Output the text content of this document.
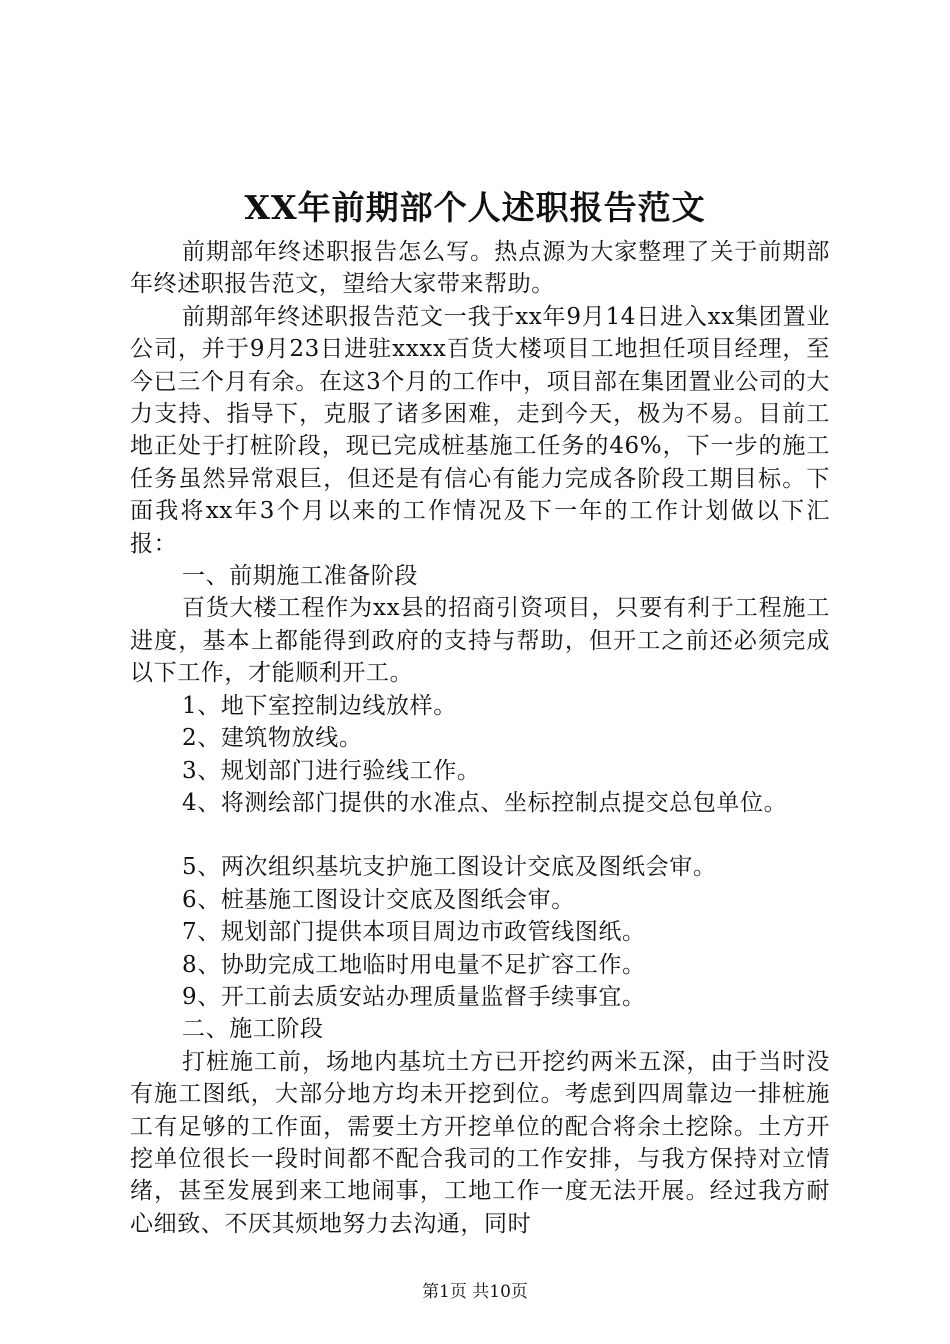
XX年前期部个人述职报告范文

前期部年终述职报告怎么写。热点源为大家整理了关于前期部年终述职报告范文，望给大家带来帮助。

前期部年终述职报告范文一我于xx年9月14日进入xx集团置业公司，并于9月23日进驻xxxx百货大楼项目工地担任项目经理，至今已三个月有余。在这3个月的工作中，项目部在集团置业公司的大力支持、指导下，克服了诸多困难，走到今天，极为不易。目前工地正处于打桩阶段，现已完成桩基施工任务的46%，下一步的施工任务虽然异常艰巨，但还是有信心有能力完成各阶段工期目标。下面我将xx年3个月以来的工作情况及下一年的工作计划做以下汇报：

一、前期施工准备阶段

百货大楼工程作为xx县的招商引资项目，只要有利于工程施工进度，基本上都能得到政府的支持与帮助，但开工之前还必须完成以下工作，才能顺利开工。

1、地下室控制边线放样。

2、建筑物放线。

3、规划部门进行验线工作。

4、将测绘部门提供的水准点、坐标控制点提交总包单位。

5、两次组织基坑支护施工图设计交底及图纸会审。

6、桩基施工图设计交底及图纸会审。

7、规划部门提供本项目周边市政管线图纸。

8、协助完成工地临时用电量不足扩容工作。

9、开工前去质安站办理质量监督手续事宜。

二、施工阶段

打桩施工前，场地内基坑土方已开挖约两米五深，由于当时没有施工图纸，大部分地方均未开挖到位。考虑到四周靠边一排桩施工有足够的工作面，需要土方开挖单位的配合将余土挖除。土方开挖单位很长一段时间都不配合我司的工作安排，与我方保持对立情绪，甚至发展到来工地闹事，工地工作一度无法开展。经过我方耐心细致、不厌其烦地努力去沟通，同时

第1页 共10页
